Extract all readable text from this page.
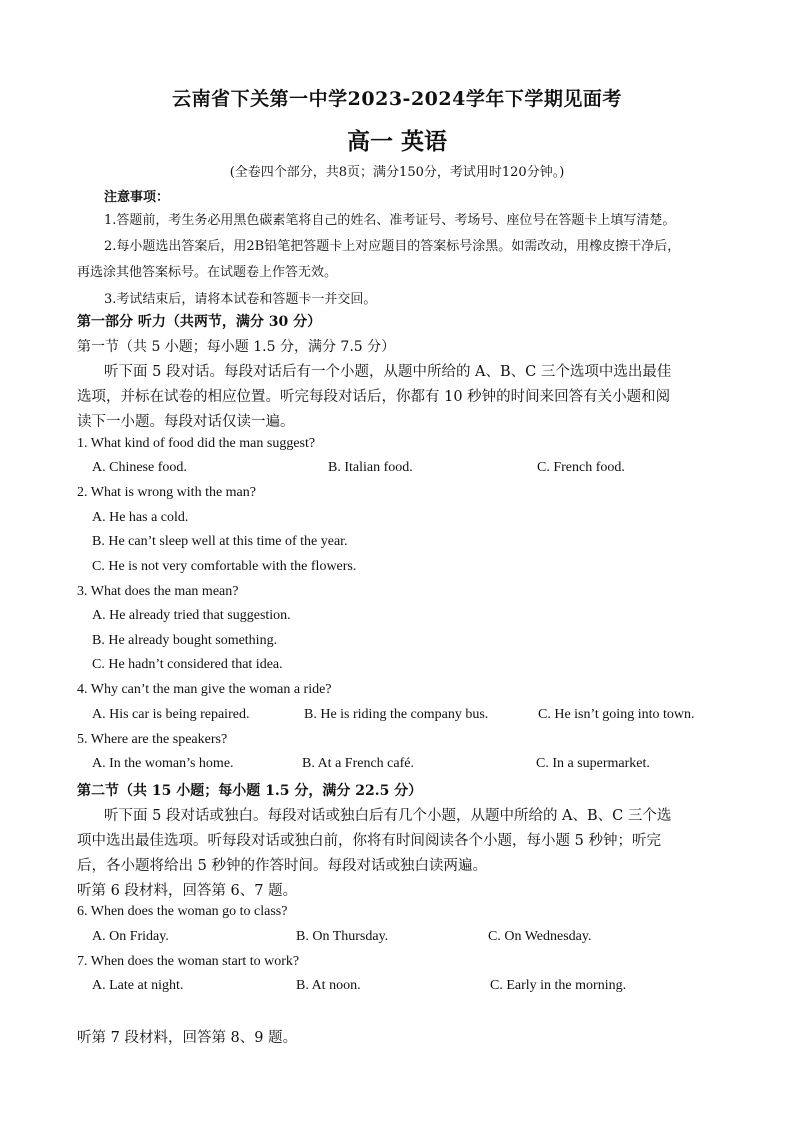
云南省下关第一中学2023-2024学年下学期见面考
高一 英语
(全卷四个部分，共8页；满分150分，考试用时120分钟。)
注意事项：
1.答题前，考生务必用黑色碳素笔将自己的姓名、准考证号、考场号、座位号在答题卡上填写清楚。
2.每小题选出答案后，用2B铅笔把答题卡上对应题目的答案标号涂黑。如需改动，用橡皮擦干净后，
再选涂其他答案标号。在试题卷上作答无效。
3.考试结束后，请将本试卷和答题卡一并交回。
第一部分 听力（共两节，满分 30 分）
第一节（共 5 小题；每小题 1.5 分，满分 7.5 分）
听下面 5 段对话。每段对话后有一个小题，从题中所给的 A、B、C 三个选项中选出最佳
选项，并标在试卷的相应位置。听完每段对话后，你都有 10 秒钟的时间来回答有关小题和阅
读下一小题。每段对话仅读一遍。
1. What kind of food did the man suggest?
A. Chinese food.	B. Italian food.	C. French food.
2. What is wrong with the man?
A. He has a cold.
B. He can’t sleep well at this time of the year.
C. He is not very comfortable with the flowers.
3. What does the man mean?
A. He already tried that suggestion.
B. He already bought something.
C. He hadn’t considered that idea.
4. Why can’t the man give the woman a ride?
A. His car is being repaired.	B. He is riding the company bus.	C. He isn’t going into town.
5. Where are the speakers?
A. In the woman’s home.	B. At a French café.	C. In a supermarket.
第二节（共 15 小题；每小题 1.5 分，满分 22.5 分）
听下面 5 段对话或独白。每段对话或独白后有几个小题，从题中所给的 A、B、C 三个选
项中选出最佳选项。听每段对话或独白前，你将有时间阅读各个小题，每小题 5 秒钟；听完
后，各小题将给出 5 秒钟的作答时间。每段对话或独白读两遍。
听第 6 段材料，回答第 6、7 题。
6. When does the woman go to class?
A. On Friday.	B. On Thursday.	C. On Wednesday.
7. When does the woman start to work?
A. Late at night.	B. At noon.	C. Early in the morning.
听第 7 段材料，回答第 8、9 题。
